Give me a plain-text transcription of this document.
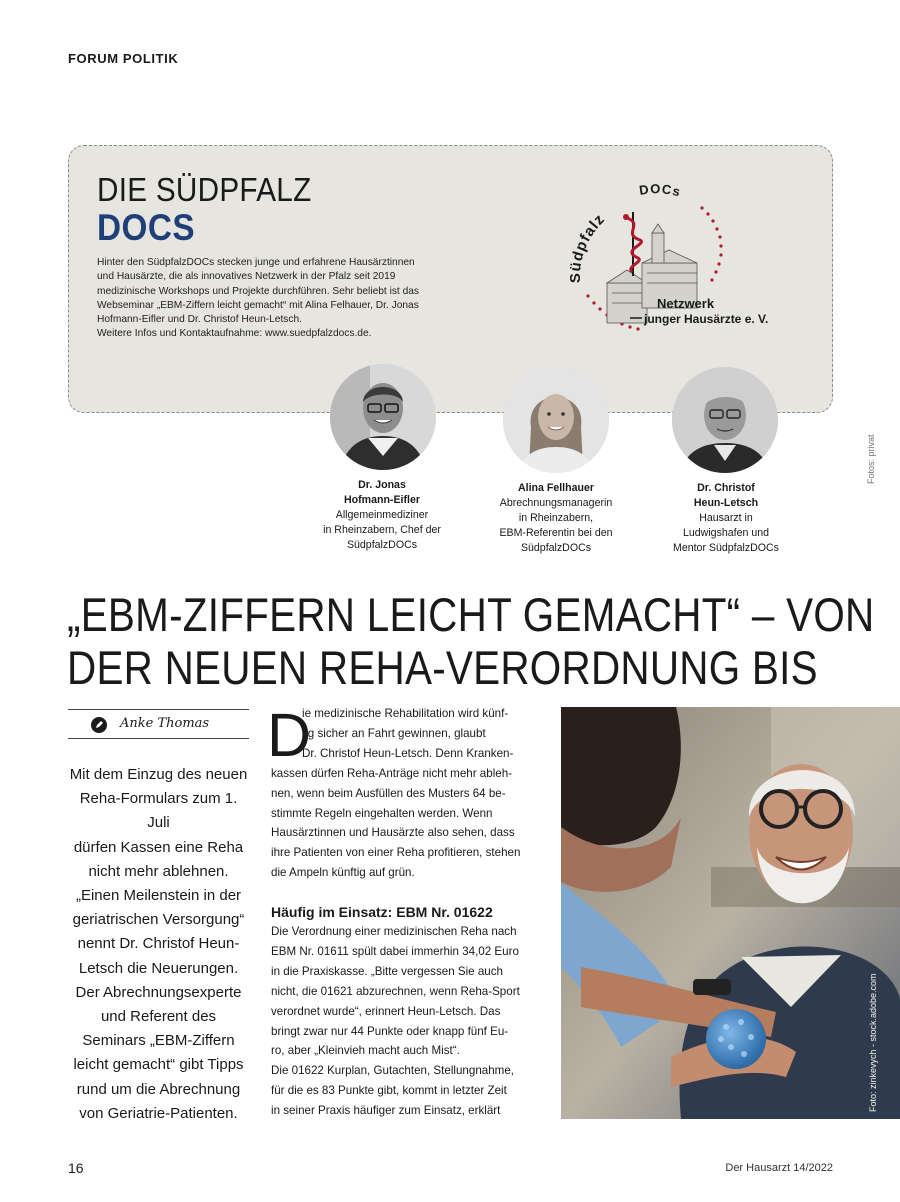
FORUM POLITIK
DIE SÜDPFALZ
DOCS

Hinter den SüdpfalzDOCs stecken junge und erfahrene Hausärztinnen

und Hausärzte, die als innovatives Netzwerk in der Pfalz seit 2019

medizinische Workshops und Projekte durchführen. Sehr beliebt ist das

Webseminar „EBM-Ziffern leicht gemacht“ mit Alina Felhauer, Dr. Jonas

Hofmann-Eifler und Dr. Christof Heun-Letsch.

Weitere Infos und Kontaktaufnahme: www.suedpfalzdocs.de.

Südpfalz
DOCs
Netzwerk
junger Hausärzte e. V.
Dr. Jonas
Hofmann-Eifler
Allgemeinmediziner
in Rheinzabern, Chef der
SüdpfalzDOCs
Alina Fellhauer
Abrechnungsmanagerin
in Rheinzabern,
EBM-Referentin bei den
SüdpfalzDOCs
Dr. Christof
Heun-Letsch
Hausarzt in
Ludwigshafen und
Mentor SüdpfalzDOCs
Fotos: privat
„EBM-ZIFFERN LEICHT GEMACHT“ – VON
DER NEUEN REHA-VERORDNUNG BIS
Anke Thomas
Mit dem Einzug des neuen
Reha-Formulars zum 1. Juli
dürfen Kassen eine Reha
nicht mehr ablehnen.
„Einen Meilenstein in der
geriatrischen Versorgung“
nennt Dr. Christof Heun-
Letsch die Neuerungen.
Der Abrechnungsexperte
und Referent des
Seminars „EBM-Ziffern
leicht gemacht“ gibt Tipps
rund um die Abrechnung
von Geriatrie-Patienten.
D
ie medizinische Rehabilitation wird künf-
tig sicher an Fahrt gewinnen, glaubt
Dr. Christof Heun-Letsch. Denn Kranken-
kassen dürfen Reha-Anträge nicht mehr ableh-
nen, wenn beim Ausfüllen des Musters 64 be-
stimmte Regeln eingehalten werden. Wenn
Hausärztinnen und Hausärzte also sehen, dass
ihre Patienten von einer Reha profitieren, stehen
die Ampeln künftig auf grün.
Häufig im Einsatz: EBM Nr. 01622
Die Verordnung einer medizinischen Reha nach
EBM Nr. 01611 spült dabei immerhin 34,02 Euro
in die Praxiskasse. „Bitte vergessen Sie auch
nicht, die 01621 abzurechnen, wenn Reha-Sport
verordnet wurde“, erinnert Heun-Letsch. Das
bringt zwar nur 44 Punkte oder knapp fünf Eu-
ro, aber „Kleinvieh macht auch Mist“.
Die 01622 Kurplan, Gutachten, Stellungnahme,
für die es 83 Punkte gibt, kommt in letzter Zeit
in seiner Praxis häufiger zum Einsatz, erklärt	Foto: zinkevych - stock.adobe.com
16	Der Hausarzt 14/2022
